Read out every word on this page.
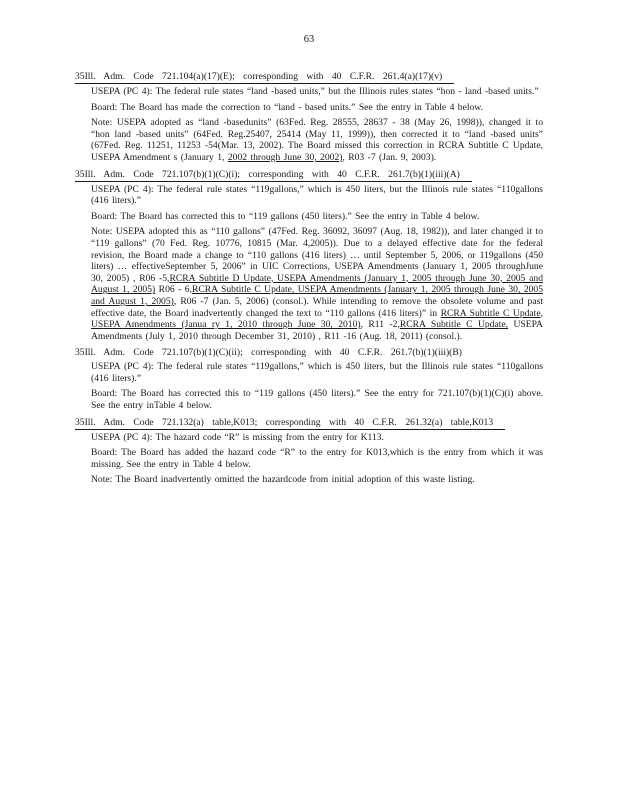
63
35Ill. Adm. Code 721.104(a)(17)(E); corresponding with 40 C.F.R. 261.4(a)(17)(v)

USEPA (PC 4): The federal rule states “land -based units,” but the Illinois rules states “hon - land -based units.”

Board: The Board has made the correction to “land - based units.” See the entry in Table 4 below.

Note: USEPA adopted as “land -basedunits” (63Fed. Reg. 28555, 28637 - 38 (May 26, 1998)), changed it to “hon land -based units” (64Fed. Reg.25407, 25414 (May 11, 1999)), then corrected it to “land -based units” (67Fed. Reg. 11251, 11253 -54(Mar. 13, 2002). The Board missed this correction in RCRA Subtitle C Update, USEPA Amendment s (January 1, 2002 through June 30, 2002), R03 -7 (Jan. 9, 2003).

35Ill. Adm. Code 721.107(b)(1)(C)(i); corresponding with 40 C.F.R. 261.7(b)(1)(iii)(A)

USEPA (PC 4): The federal rule states “119gallons,” which is 450 liters, but the Illinois rule states “110gallons (416 liters).”

Board: The Board has corrected this to “119 gallons (450 liters).” See the entry in Table 4 below.

Note: USEPA adopted this as “110 gallons” (47Fed. Reg. 36092, 36097 (Aug. 18, 1982)), and later changed it to “119 gallons” (70 Fed. Reg. 10776, 10815 (Mar. 4,2005)). Due to a delayed effective date for the federal revision, the Board made a change to “110 gallons (416 liters) … until September 5, 2006, or 119gallons (450 liters) … effectiveSeptember 5, 2006” in UIC Corrections, USEPA Amendments (January 1, 2005 throughJune 30, 2005) , R06 -5,RCRA Subtitle D Update, USEPA Amendments (January 1, 2005 through June 30, 2005 and August 1, 2005) R06 - 6,RCRA Subtitle C Update, USEPA Amendments (January 1, 2005 through June 30, 2005 and August 1, 2005), R06 -7 (Jan. 5, 2006) (consol.). While intending to remove the obsolete volume and past effective date, the Board inadvertently changed the text to “110 gallons (416 liters)” in RCRA Subtitle C Update, USEPA Amendments (Janua ry 1, 2010 through June 30, 2010), R11 -2,RCRA Subtitle C Update, USEPA Amendments (July 1, 2010 through December 31, 2010) , R11 -16 (Aug. 18, 2011) (consol.).

35Ill. Adm. Code 721.107(b)(1)(C)(ii); corresponding with 40 C.F.R. 261.7(b)(1)(iii)(B)

USEPA (PC 4): The federal rule states “119gallons,” which is 450 liters, but the Illinois rule states “110gallons (416 liters).”

Board: The Board has corrected this to “119 gallons (450 liters).” See the entry for 721.107(b)(1)(C)(i) above. See the entry inTable 4 below.

35Ill. Adm. Code 721.132(a) table,K013; corresponding with 40 C.F.R. 261.32(a) table,K013

USEPA (PC 4): The hazard code “R” is missing from the entry for K113.

Board: The Board has added the hazard code “R” to the entry for K013,which is the entry from which it was missing. See the entry in Table 4 below.

Note: The Board inadvertently omitted the hazardcode from initial adoption of this waste listing.
